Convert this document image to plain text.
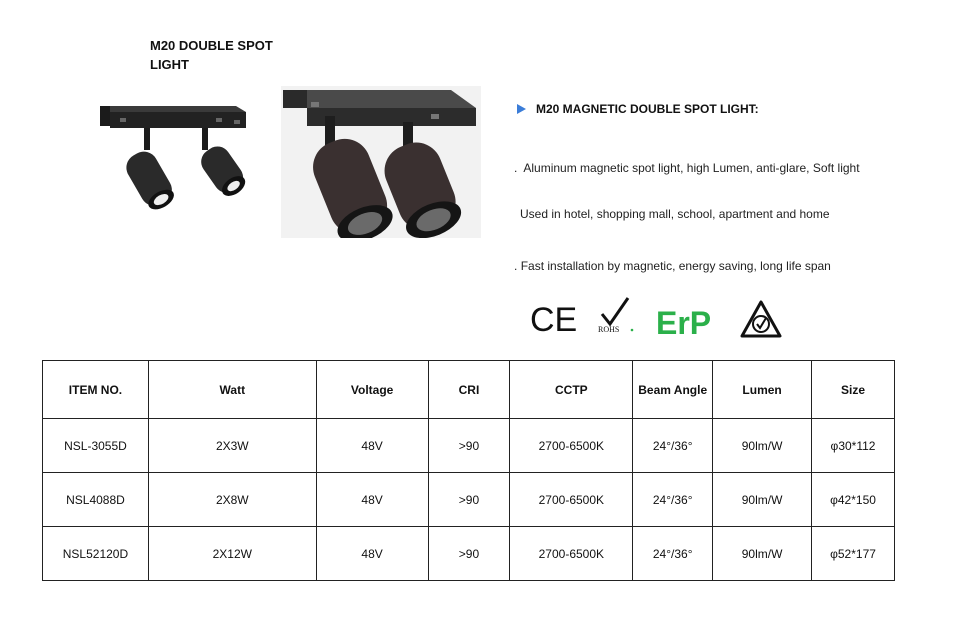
M20 DOUBLE SPOT LIGHT
M20 MAGNETIC DOUBLE SPOT LIGHT:
. Aluminum magnetic spot light, high Lumen, anti-glare, Soft light
Used in hotel, shopping mall, school, apartment and home
. Fast installation by magnetic, energy saving, long life span
CE	ROHS ErP
ITEM NO.	Watt	Voltage	CRI	CCTP	Beam Angle	Lumen	Size
NSL-3055D	2X3W	48V	>90	2700-6500K	24°/36°	90lm/W	φ30*112
NSL4088D	2X8W	48V	>90	2700-6500K	24°/36°	90lm/W	φ42*150
NSL52120D	2X12W	48V	>90	2700-6500K	24°/36°	90lm/W	φ52*177
